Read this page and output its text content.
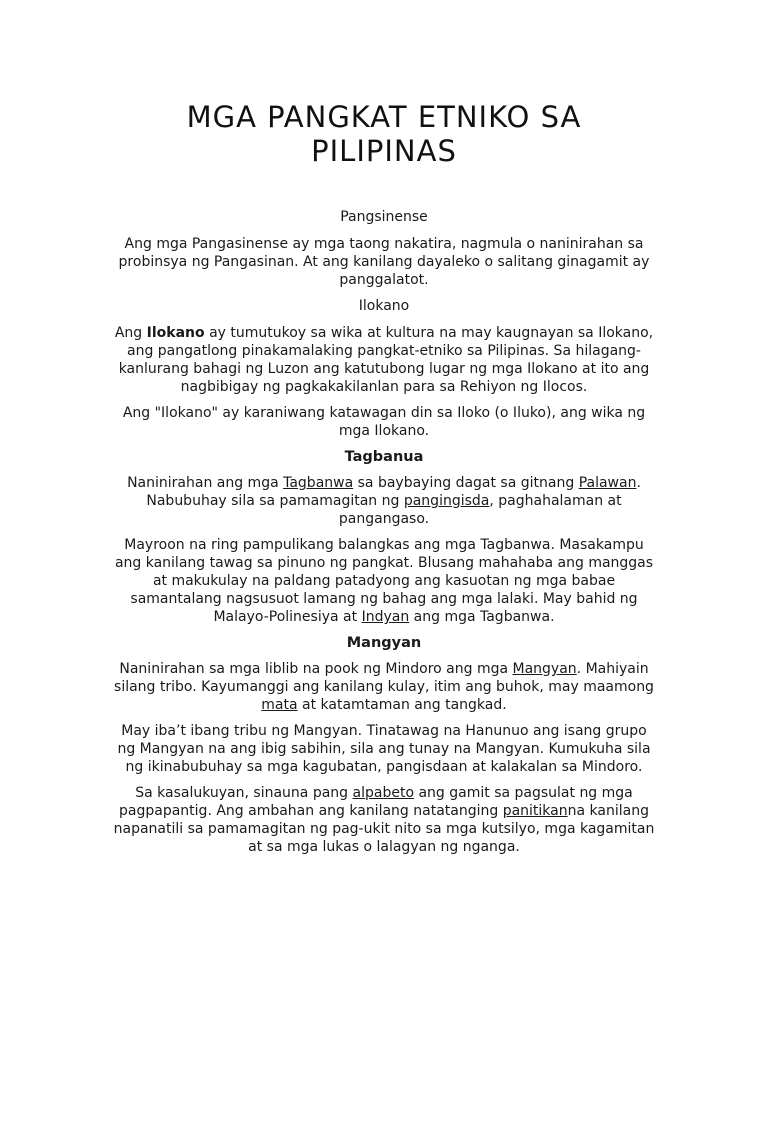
MGA PANGKAT ETNIKO SA PILIPINAS
Pangsinense

Ang mga Pangasinense ay mga taong nakatira, nagmula o naninirahan sa probinsya ng Pangasinan. At ang kanilang dayaleko o salitang ginagamit ay panggalatot.

Ilokano

Ang Ilokano ay tumutukoy sa wika at kultura na may kaugnayan sa Ilokano, ang pangatlong pinakamalaking pangkat-etniko sa Pilipinas. Sa hilagang-kanlurang bahagi ng Luzon ang katutubong lugar ng mga Ilokano at ito ang nagbibigay ng pagkakakilanlan para sa Rehiyon ng Ilocos.

Ang "Ilokano" ay karaniwang katawagan din sa Iloko (o Iluko), ang wika ng mga Ilokano.

Tagbanua

Naninirahan ang mga Tagbanwa sa baybaying dagat sa gitnang Palawan. Nabubuhay sila sa pamamagitan ng pangingisda, paghahalaman at pangangaso.

Mayroon na ring pampulikang balangkas ang mga Tagbanwa. Masakampu ang kanilang tawag sa pinuno ng pangkat. Blusang mahahaba ang manggas at makukulay na paldang patadyong ang kasuotan ng mga babae samantalang nagsusuot lamang ng bahag ang mga lalaki. May bahid ng Malayo-Polinesiya at Indyan ang mga Tagbanwa.

Mangyan

Naninirahan sa mga liblib na pook ng Mindoro ang mga Mangyan. Mahiyain silang tribo. Kayumanggi ang kanilang kulay, itim ang buhok, may maamong mata at katamtaman ang tangkad.

May iba’t ibang tribu ng Mangyan. Tinatawag na Hanunuo ang isang grupo ng Mangyan na ang ibig sabihin, sila ang tunay na Mangyan. Kumukuha sila ng ikinabubuhay sa mga kagubatan, pangisdaan at kalakalan sa Mindoro.

Sa kasalukuyan, sinauna pang alpabeto ang gamit sa pagsulat ng mga pagpapantig. Ang ambahan ang kanilang natatanging panitikanna kanilang napanatili sa pamamagitan ng pag-ukit nito sa mga kutsilyo, mga kagamitan at sa mga lukas o lalagyan ng nganga.
